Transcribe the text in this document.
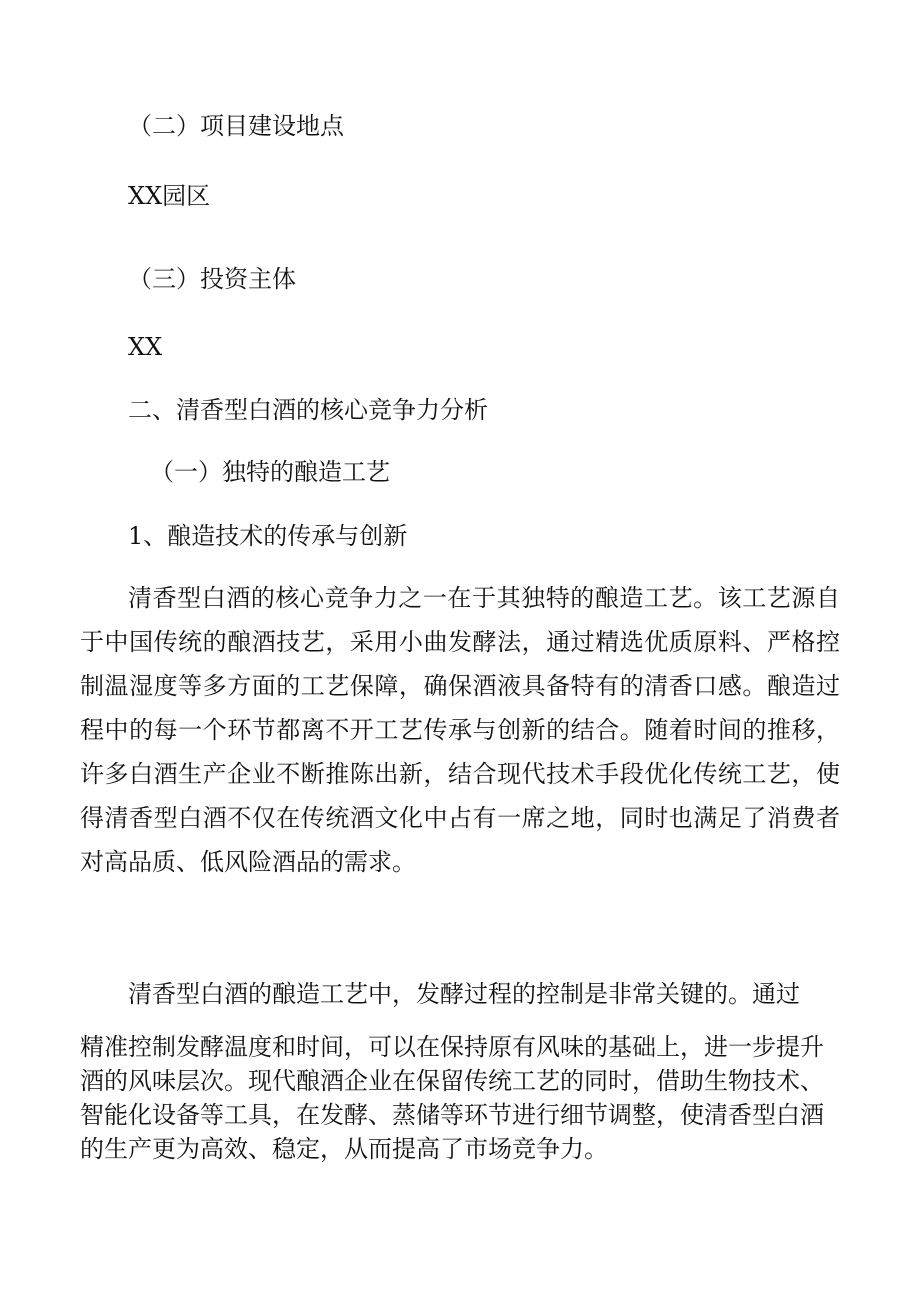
（二）项目建设地点

XX园区

（三）投资主体

XX

二、清香型白酒的核心竞争力分析
（一）独特的酿造工艺
1、酿造技术的传承与创新

清香型白酒的核心竞争力之一在于其独特的酿造工艺。该工艺源自于中国传统的酿酒技艺，采用小曲发酵法，通过精选优质原料、严格控制温湿度等多方面的工艺保障，确保酒液具备特有的清香口感。酿造过程中的每一个环节都离不开工艺传承与创新的结合。随着时间的推移，许多白酒生产企业不断推陈出新，结合现代技术手段优化传统工艺，使得清香型白酒不仅在传统酒文化中占有一席之地，同时也满足了消费者对高品质、低风险酒品的需求。

清香型白酒的酿造工艺中，发酵过程的控制是非常关键的。通过

精准控制发酵温度和时间，可以在保持原有风味的基础上，进一步提升酒的风味层次。现代酿酒企业在保留传统工艺的同时，借助生物技术、智能化设备等工具，在发酵、蒸储等环节进行细节调整，使清香型白酒的生产更为高效、稳定，从而提高了市场竞争力。
